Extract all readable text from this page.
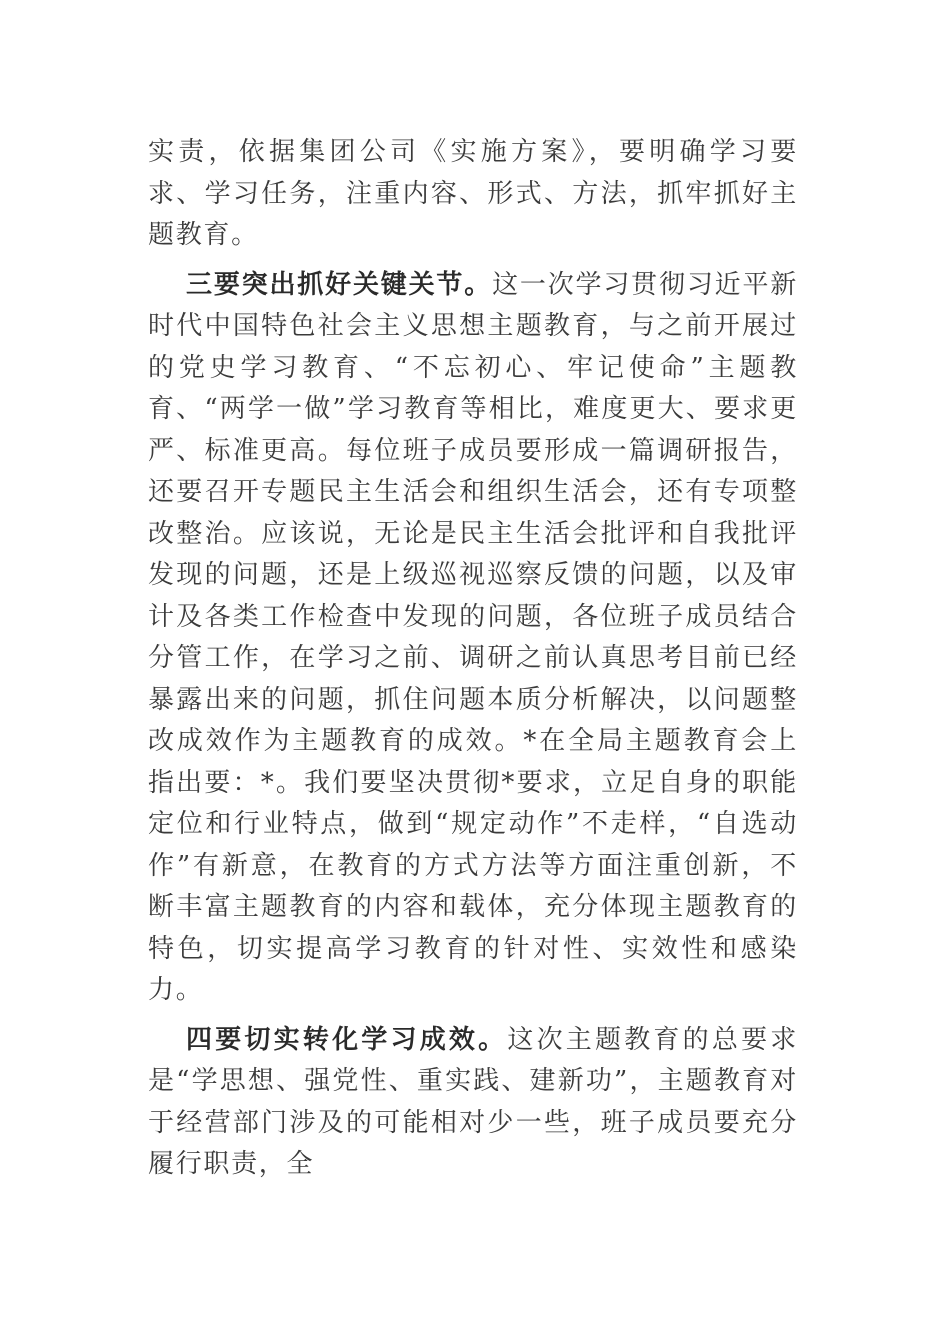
实责，依据集团公司《实施方案》，要明确学习要求、学习任务，注重内容、形式、方法，抓牢抓好主题教育。

三要突出抓好关键关节。这一次学习贯彻习近平新时代中国特色社会主义思想主题教育，与之前开展过的党史学习教育、“不忘初心、牢记使命”主题教育、“两学一做”学习教育等相比，难度更大、要求更严、标准更高。每位班子成员要形成一篇调研报告，还要召开专题民主生活会和组织生活会，还有专项整改整治。应该说，无论是民主生活会批评和自我批评发现的问题，还是上级巡视巡察反馈的问题，以及审计及各类工作检查中发现的问题，各位班子成员结合分管工作，在学习之前、调研之前认真思考目前已经暴露出来的问题，抓住问题本质分析解决，以问题整改成效作为主题教育的成效。*在全局主题教育会上指出要：*。我们要坚决贯彻*要求，立足自身的职能定位和行业特点，做到“规定动作”不走样，“自选动作”有新意，在教育的方式方法等方面注重创新，不断丰富主题教育的内容和载体，充分体现主题教育的特色，切实提高学习教育的针对性、实效性和感染力。

四要切实转化学习成效。这次主题教育的总要求是“学思想、强党性、重实践、建新功”，主题教育对于经营部门涉及的可能相对少一些，班子成员要充分履行职责，全
